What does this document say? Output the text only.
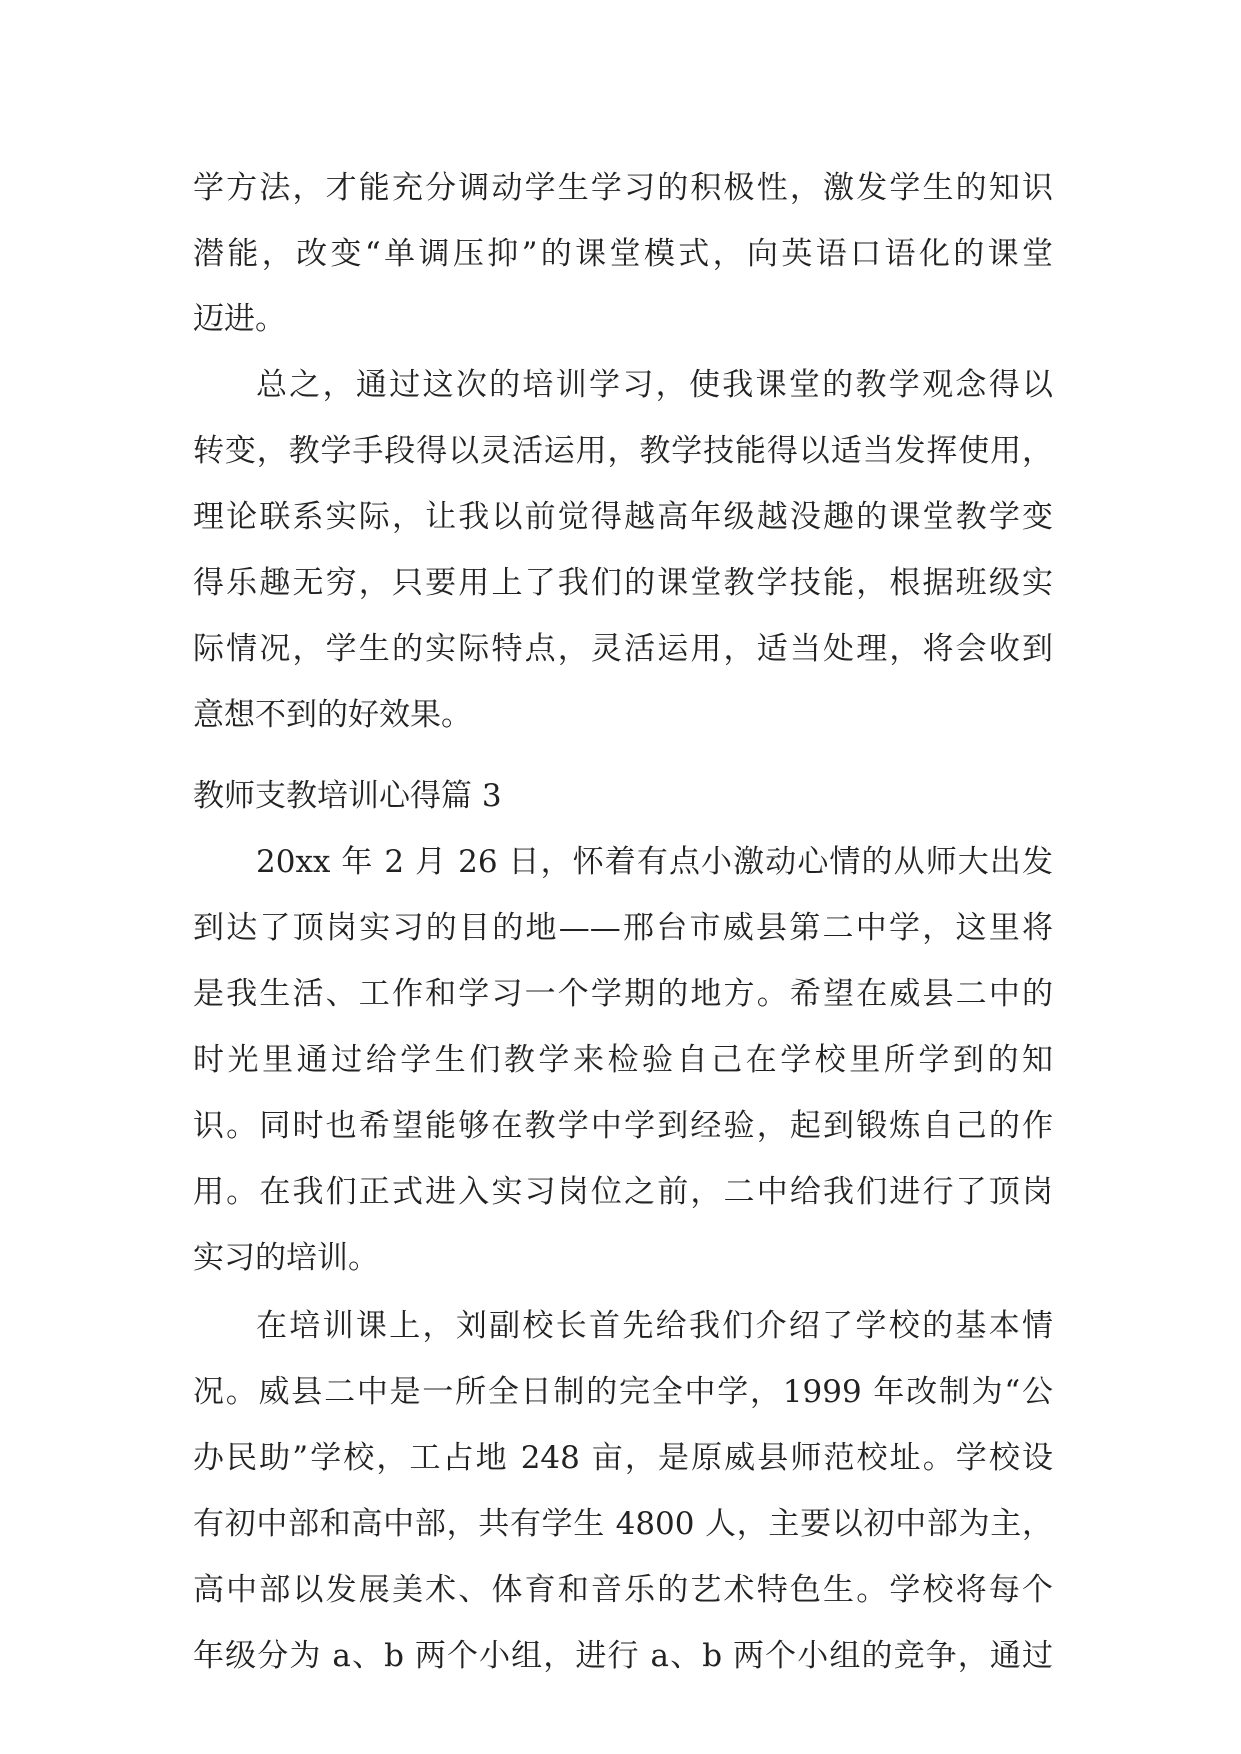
学方法，才能充分调动学生学习的积极性，激发学生的知识
潜能，改变“单调压抑”的课堂模式，向英语口语化的课堂
迈进。
总之，通过这次的培训学习，使我课堂的教学观念得以
转变，教学手段得以灵活运用，教学技能得以适当发挥使用，
理论联系实际，让我以前觉得越高年级越没趣的课堂教学变
得乐趣无穷，只要用上了我们的课堂教学技能，根据班级实
际情况，学生的实际特点，灵活运用，适当处理，将会收到
意想不到的好效果。
教师支教培训心得篇 3
20xx 年 2 月 26 日，怀着有点小激动心情的从师大出发
到达了顶岗实习的目的地——邢台市威县第二中学，这里将
是我生活、工作和学习一个学期的地方。希望在威县二中的
时光里通过给学生们教学来检验自己在学校里所学到的知
识。同时也希望能够在教学中学到经验，起到锻炼自己的作
用。在我们正式进入实习岗位之前，二中给我们进行了顶岗
实习的培训。
在培训课上，刘副校长首先给我们介绍了学校的基本情
况。威县二中是一所全日制的完全中学，1999 年改制为“公
办民助”学校，工占地 248 亩，是原威县师范校址。学校设
有初中部和高中部，共有学生 4800 人，主要以初中部为主，
高中部以发展美术、体育和音乐的艺术特色生。学校将每个
年级分为 a、b 两个小组，进行 a、b 两个小组的竞争，通过
